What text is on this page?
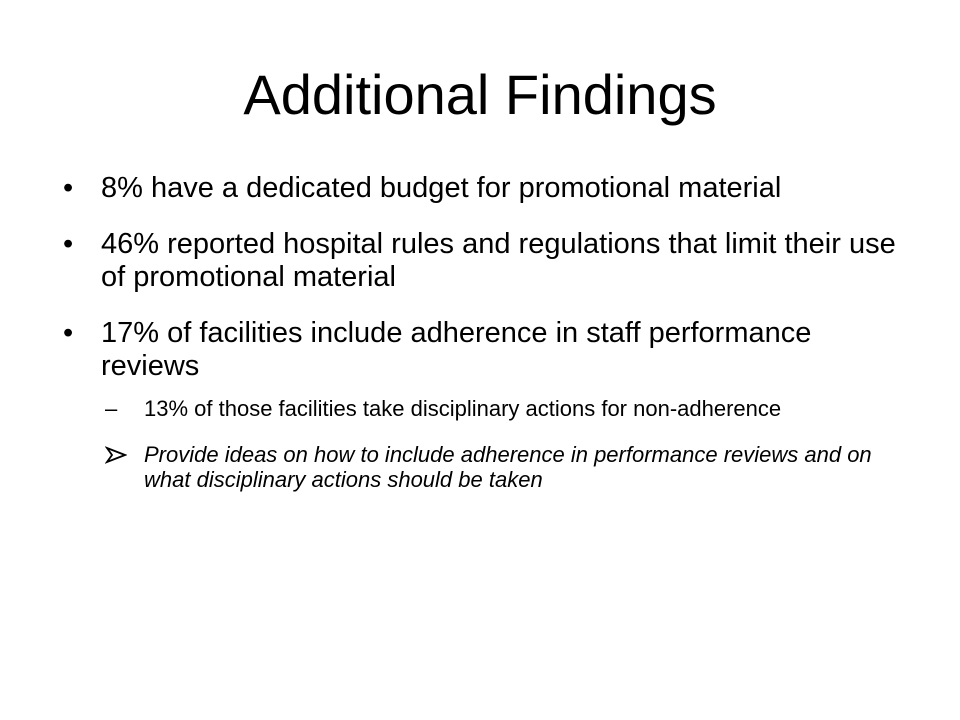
Additional Findings
• 8% have a dedicated budget for promotional material
• 46% reported hospital rules and regulations that limit their use of promotional material
• 17% of facilities include adherence in staff performance reviews
– 13% of those facilities take disciplinary actions for non-adherence
Provide ideas on how to include adherence in performance reviews and on what disciplinary actions should be taken
